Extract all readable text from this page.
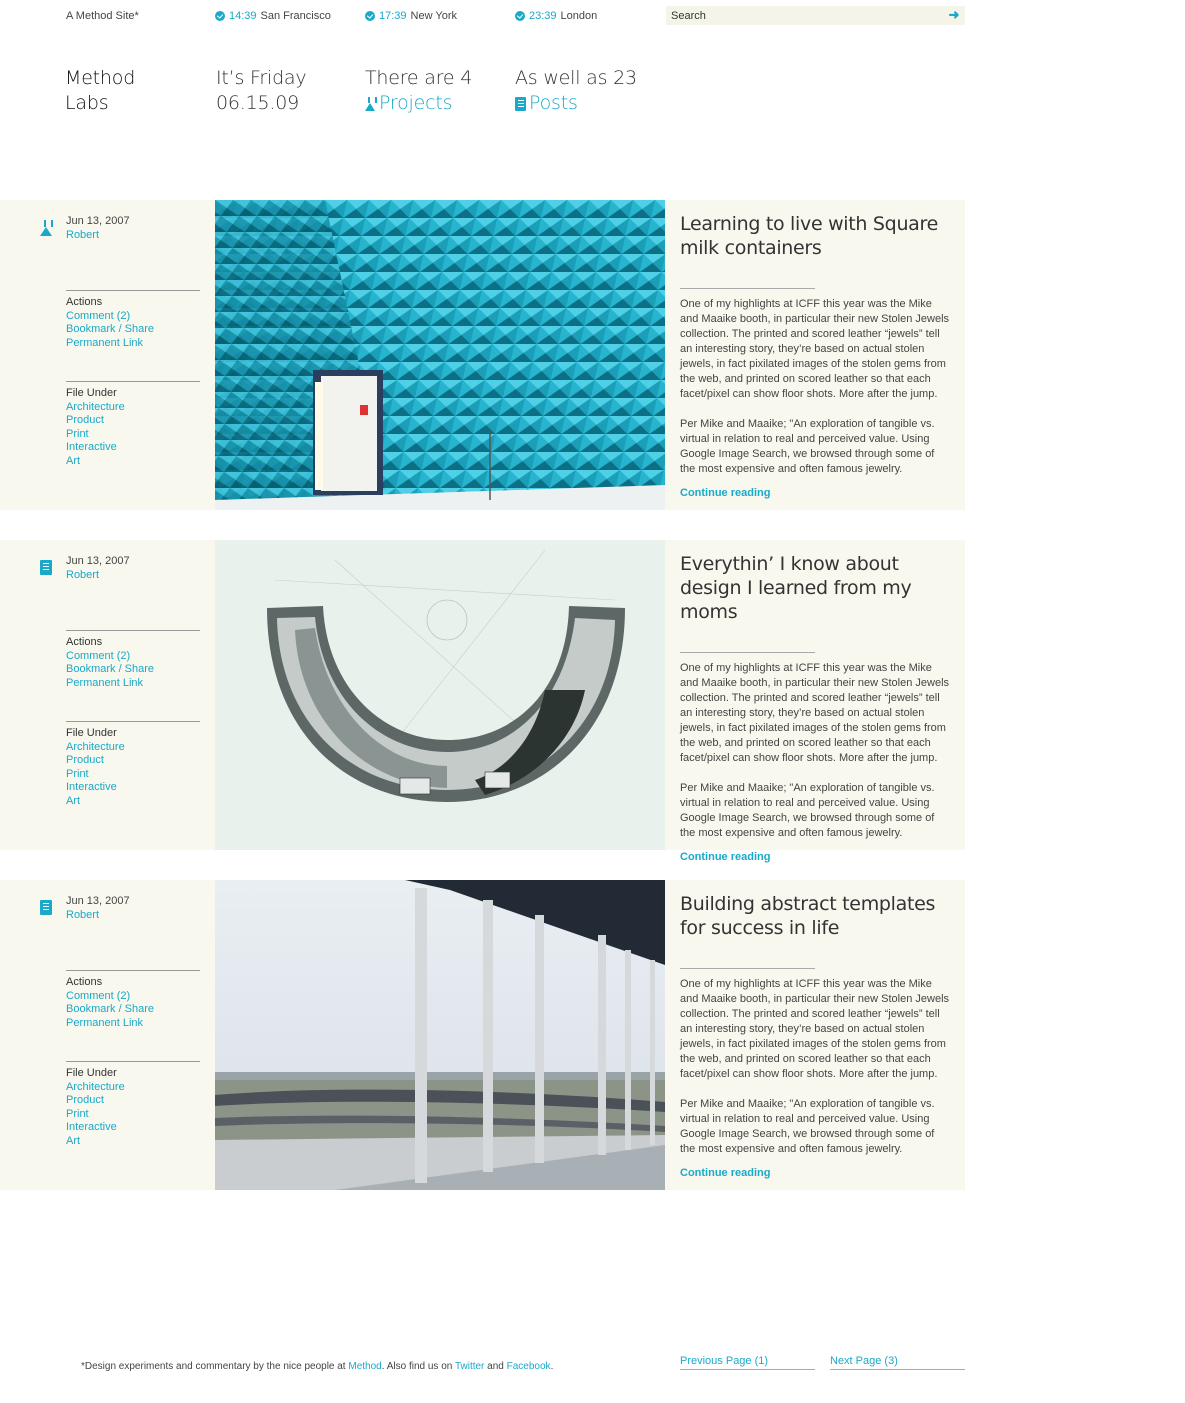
A Method Site*	14:39 San Francisco	17:39 New York	23:39 London
Search	➜
Method
Labs
It’s Friday
06.15.09
There are 4
Projects
As well as 23
Posts
Jun 13, 2007
Robert
Actions
Comment (2)
Bookmark / Share
Permanent Link
File Under
Architecture
Product
Print
Interactive
Art
Learning to live with Square milk containers

One of my highlights at ICFF this year was the Mike and Maaike booth, in particular their new Stolen Jewels collection. The printed and scored leather “jewels” tell an interesting story, they’re based on actual stolen jewels, in fact pixilated images of the stolen gems from the web, and printed on scored leather so that each facet/pixel can show floor shots. More after the jump.

Per Mike and Maaike; "An exploration of tangible vs. virtual in relation to real and perceived value. Using Google Image Search, we browsed through some of the most expensive and often famous jewelry.

Continue reading
Jun 13, 2007
Robert
Actions
Comment (2)
Bookmark / Share
Permanent Link
File Under
Architecture
Product
Print
Interactive
Art
Everythin’ I know about design I learned from my moms

One of my highlights at ICFF this year was the Mike and Maaike booth, in particular their new Stolen Jewels collection. The printed and scored leather “jewels” tell an interesting story, they’re based on actual stolen jewels, in fact pixilated images of the stolen gems from the web, and printed on scored leather so that each facet/pixel can show floor shots. More after the jump.

Per Mike and Maaike; "An exploration of tangible vs. virtual in relation to real and perceived value. Using Google Image Search, we browsed through some of the most expensive and often famous jewelry.

Continue reading
Jun 13, 2007
Robert
Actions
Comment (2)
Bookmark / Share
Permanent Link
File Under
Architecture
Product
Print
Interactive
Art
Building abstract templates for success in life

One of my highlights at ICFF this year was the Mike and Maaike booth, in particular their new Stolen Jewels collection. The printed and scored leather “jewels” tell an interesting story, they’re based on actual stolen jewels, in fact pixilated images of the stolen gems from the web, and printed on scored leather so that each facet/pixel can show floor shots. More after the jump.

Per Mike and Maaike; "An exploration of tangible vs. virtual in relation to real and perceived value. Using Google Image Search, we browsed through some of the most expensive and often famous jewelry.

Continue reading
*Design experiments and commentary by the nice people at Method. Also find us on Twitter and Facebook.	Previous Page (1)	Next Page (3)
